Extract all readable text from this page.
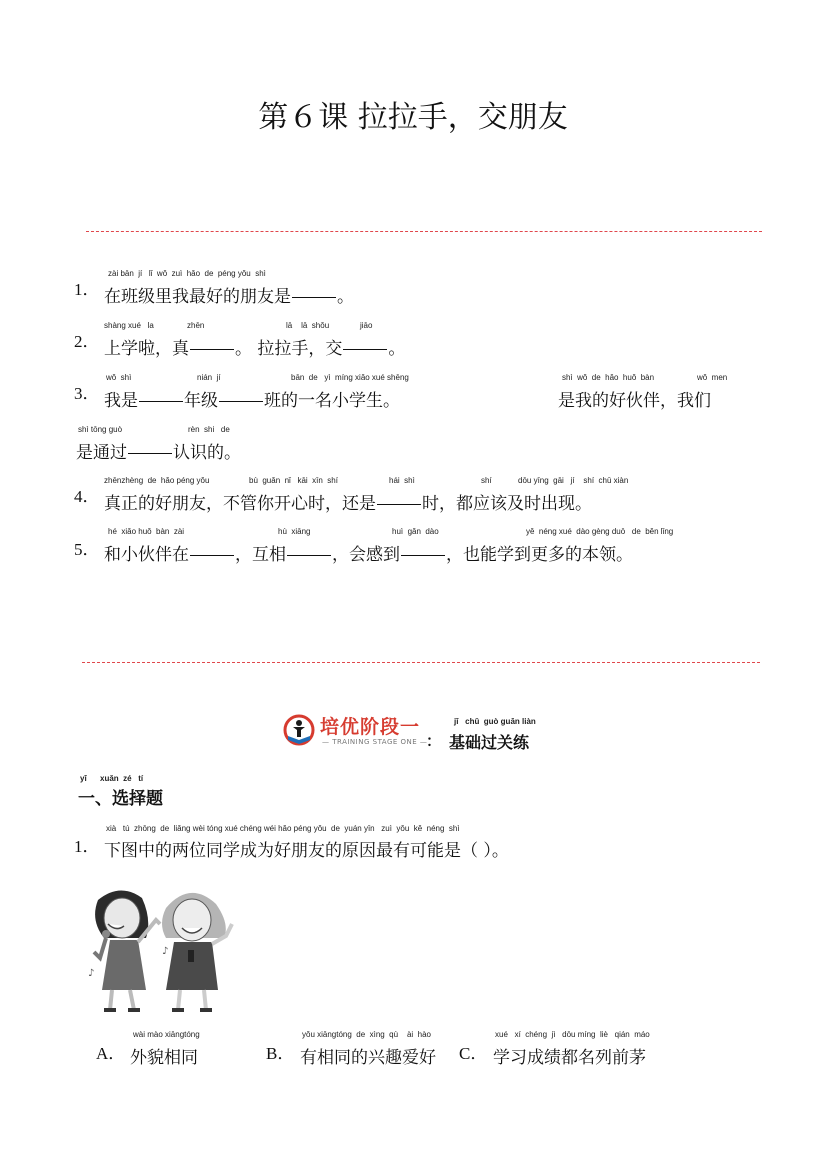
第６课 拉拉手，交朋友
1．
zài bān  jí   lǐ  wǒ  zuì  hǎo  de  péng yǒu  shì
在班级里我最好的朋友是	。
2．
shàng xué   la	zhēn	lā    lā  shǒu	jiāo
上学啦，真	。 拉拉手，交	。
3．
wǒ  shì	nián  jí	bān  de   yì  míng xiǎo xué shēng	shì  wǒ  de  hǎo  huǒ  bàn	wǒ  men
我是	年级	班的一名小学生。	是我的好伙伴，我们
shì tōng guò	rèn  shi   de
是通过	认识的。
4．
zhēnzhèng  de  hǎo péng yǒu	bù  guǎn  nǐ   kāi  xīn  shí	hái  shì	shí	dōu yīng  gāi   jí    shí  chū xiàn
真正的好朋友，不管你开心时，还是	时，都应该及时出现。
5．
hé  xiǎo huǒ  bàn  zài	hù  xiāng	huì  gǎn  dào	yě  néng xué  dào gèng duō   de  běn lǐng
和小伙伴在	，互相	，会感到	，也能学到更多的本领。
培优阶段一
— TRAINING STAGE ONE —
：
jī   chǔ  guò guān liàn
基础过关练
yī      xuǎn  zé   tí
一、选择题
1．
xià   tú  zhōng  de  liǎng wèi tóng xué chéng wéi hǎo péng yǒu  de  yuán yīn   zuì  yǒu  kě  néng  shì
下图中的两位同学成为好朋友的原因最有可能是（ ）。
♪
♪
A．
wài mào xiāngtóng
外貌相同	B．
yǒu xiāngtóng  de  xìng  qù    ài  hào
有相同的兴趣爱好 C．
xué   xí  chéng  jì   dōu míng  liè   qián  máo
学习成绩都名列前茅
